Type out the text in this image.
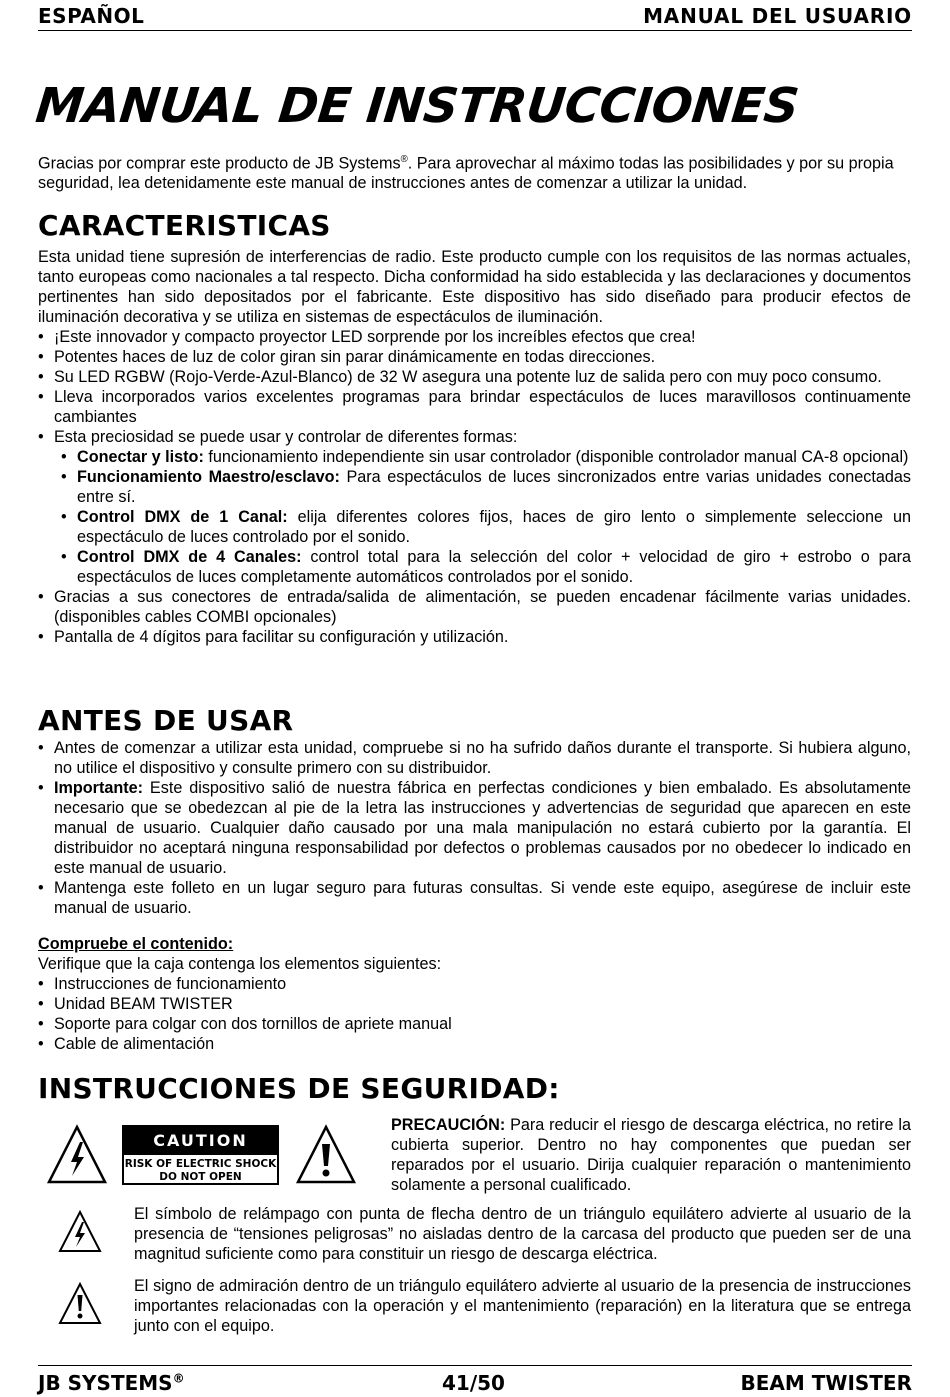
ESPAÑOL	MANUAL DEL USUARIO
MANUAL DE INSTRUCCIONES
Gracias por comprar este producto de JB Systems®. Para aprovechar al máximo todas las posibilidades y por su propia seguridad, lea detenidamente este manual de instrucciones antes de comenzar a utilizar la unidad.
CARACTERISTICAS
Esta unidad tiene supresión de interferencias de radio. Este producto cumple con los requisitos de las normas actuales, tanto europeas como nacionales a tal respecto. Dicha conformidad ha sido establecida y las declaraciones y documentos pertinentes han sido depositados por el fabricante. Este dispositivo has sido diseñado para producir efectos de iluminación decorativa y se utiliza en sistemas de espectáculos de iluminación.
• ¡Este innovador y compacto proyector LED sorprende por los increíbles efectos que crea!
• Potentes haces de luz de color giran sin parar dinámicamente en todas direcciones.
• Su LED RGBW (Rojo-Verde-Azul-Blanco) de 32 W asegura una potente luz de salida pero con muy poco consumo.
• Lleva incorporados varios excelentes programas para brindar espectáculos de luces maravillosos continuamente cambiantes
• Esta preciosidad se puede usar y controlar de diferentes formas:
• Conectar y listo: funcionamiento independiente sin usar controlador (disponible controlador manual CA-8 opcional)
• Funcionamiento Maestro/esclavo: Para espectáculos de luces sincronizados entre varias unidades conectadas entre sí.
• Control DMX de 1 Canal: elija diferentes colores fijos, haces de giro lento o simplemente seleccione un espectáculo de luces controlado por el sonido.
• Control DMX de 4 Canales: control total para la selección del color + velocidad de giro + estrobo o para espectáculos de luces completamente automáticos controlados por el sonido.
• Gracias a sus conectores de entrada/salida de alimentación, se pueden encadenar fácilmente varias unidades. (disponibles cables COMBI opcionales)
• Pantalla de 4 dígitos para facilitar su configuración y utilización.
ANTES DE USAR
• Antes de comenzar a utilizar esta unidad, compruebe si no ha sufrido daños durante el transporte. Si hubiera alguno, no utilice el dispositivo y consulte primero con su distribuidor.
• Importante: Este dispositivo salió de nuestra fábrica en perfectas condiciones y bien embalado. Es absolutamente necesario que se obedezcan al pie de la letra las instrucciones y advertencias de seguridad que aparecen en este manual de usuario. Cualquier daño causado por una mala manipulación no estará cubierto por la garantía. El distribuidor no aceptará ninguna responsabilidad por defectos o problemas causados por no obedecer lo indicado en este manual de usuario.
• Mantenga este folleto en un lugar seguro para futuras consultas. Si vende este equipo, asegúrese de incluir este manual de usuario.
Compruebe el contenido:
Verifique que la caja contenga los elementos siguientes:
• Instrucciones de funcionamiento
• Unidad BEAM TWISTER
• Soporte para colgar con dos tornillos de apriete manual
• Cable de alimentación
INSTRUCCIONES DE SEGURIDAD:
CAUTION
RISK OF ELECTRIC SHOCK
DO NOT OPEN
PRECAUCIÓN: Para reducir el riesgo de descarga eléctrica, no retire la cubierta superior. Dentro no hay componentes que puedan ser reparados por el usuario. Dirija cualquier reparación o mantenimiento solamente a personal cualificado.
El símbolo de relámpago con punta de flecha dentro de un triángulo equilátero advierte al usuario de la presencia de “tensiones peligrosas” no aisladas dentro de la carcasa del producto que pueden ser de una magnitud suficiente como para constituir un riesgo de descarga eléctrica.
El signo de admiración dentro de un triángulo equilátero advierte al usuario de la presencia de instrucciones importantes relacionadas con la operación y el mantenimiento (reparación) en la literatura que se entrega junto con el equipo.
JB SYSTEMS®	41/50	BEAM TWISTER
